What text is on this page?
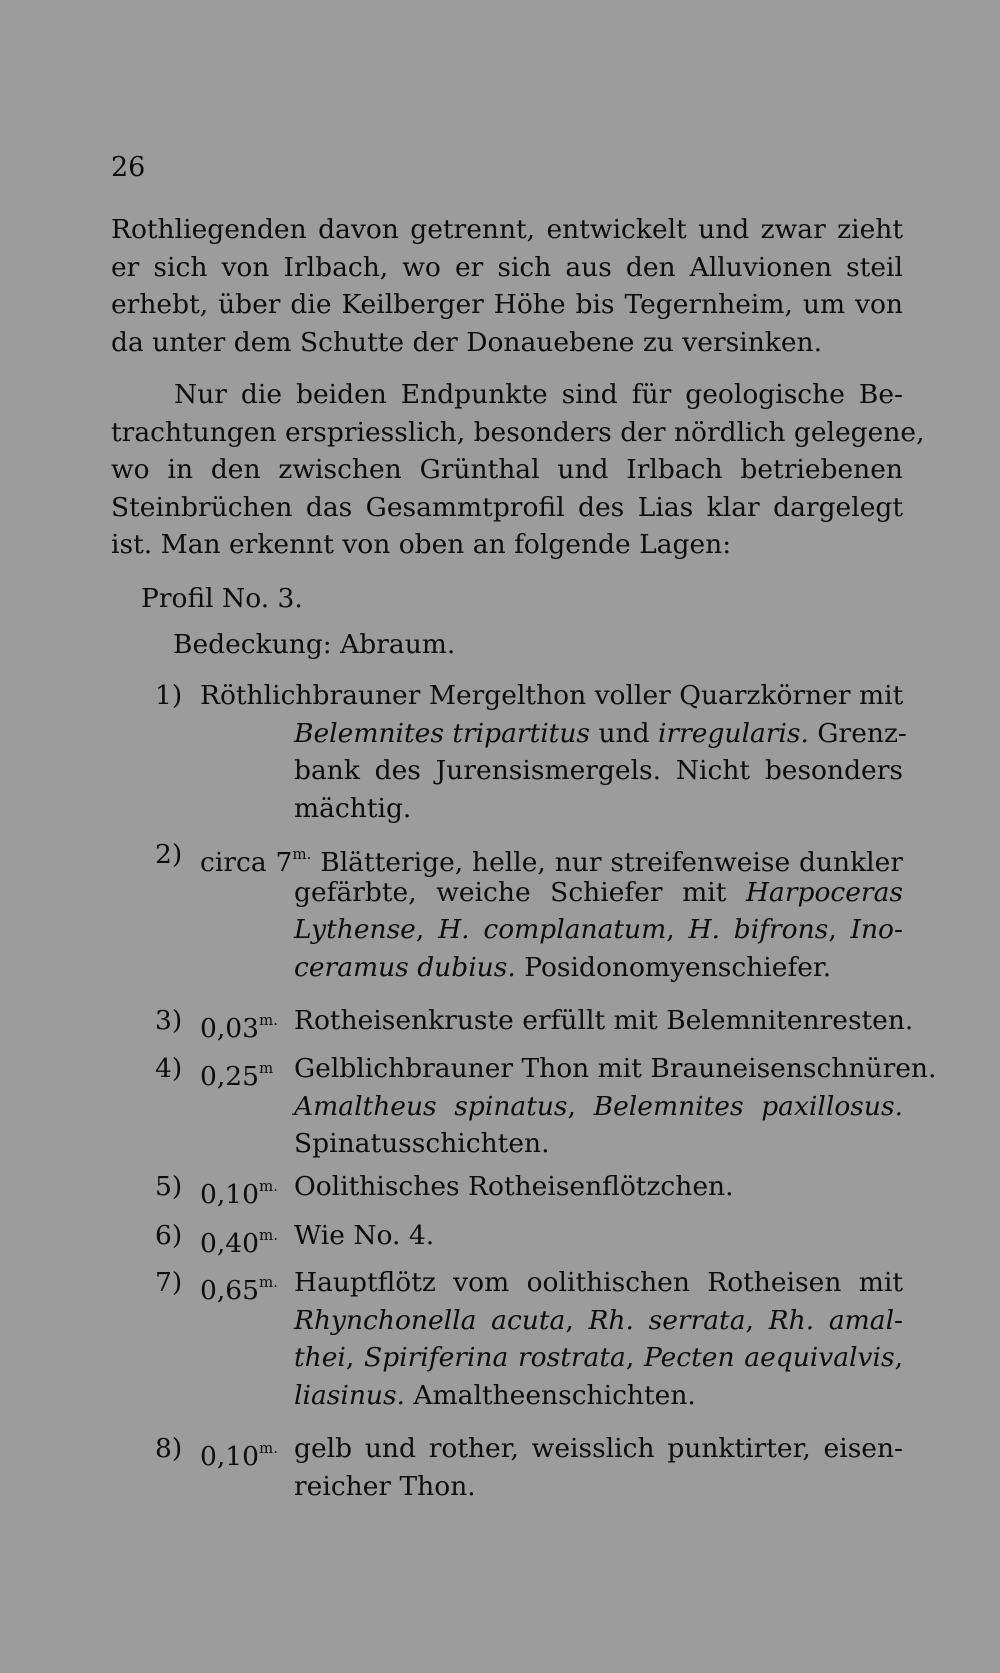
26
Rothliegenden davon getrennt, entwickelt und zwar zieht
er sich von Irlbach, wo er sich aus den Alluvionen steil
erhebt, über die Keilberger Höhe bis Tegernheim, um von
da unter dem Schutte der Donauebene zu versinken.
Nur die beiden Endpunkte sind für geologische Be-
trachtungen erspriesslich, besonders der nördlich gelegene,
wo in den zwischen Grünthal und Irlbach betriebenen
Steinbrüchen das Gesammtprofil des Lias klar dargelegt
ist. Man erkennt von oben an folgende Lagen:
Profil No. 3.
Bedeckung: Abraum.
1) Röthlichbrauner Mergelthon voller Quarzkörner mit
Belemnites tripartitus und irregularis. Grenz-
bank des Jurensismergels. Nicht besonders
mächtig.
2) circa $7^{m.}$ Blätterige, helle, nur streifenweise dunkler
gefärbte, weiche Schiefer mit Harpoceras
Lythense, H. complanatum, H. bifrons, Ino-
ceramus dubius. Posidonomyenschiefer.
3) $0,03^{m.}$ Rotheisenkruste erfüllt mit Belemnitenresten.
4) 0,25$^m$ Gelblichbrauner Thon mit Brauneisenschnüren.
Amaltheus spinatus, Belemnites paxillosus.
Spinatusschichten.
5) $0,10^{m.}$ Oolithisches Rotheisenflötzchen.
6) $0,40^{m.}$ Wie No. 4.
7) $0,65^{m.}$ Hauptflötz vom oolithischen Rotheisen mit
Rhynchonella acuta, Rh. serrata, Rh. amal-
thei, Spiriferina rostrata, Pecten aequivalvis,
liasinus. Amaltheenschichten.
8) $0,10^{m.}$ gelb und rother, weisslich punktirter, eisen-
reicher Thon.
